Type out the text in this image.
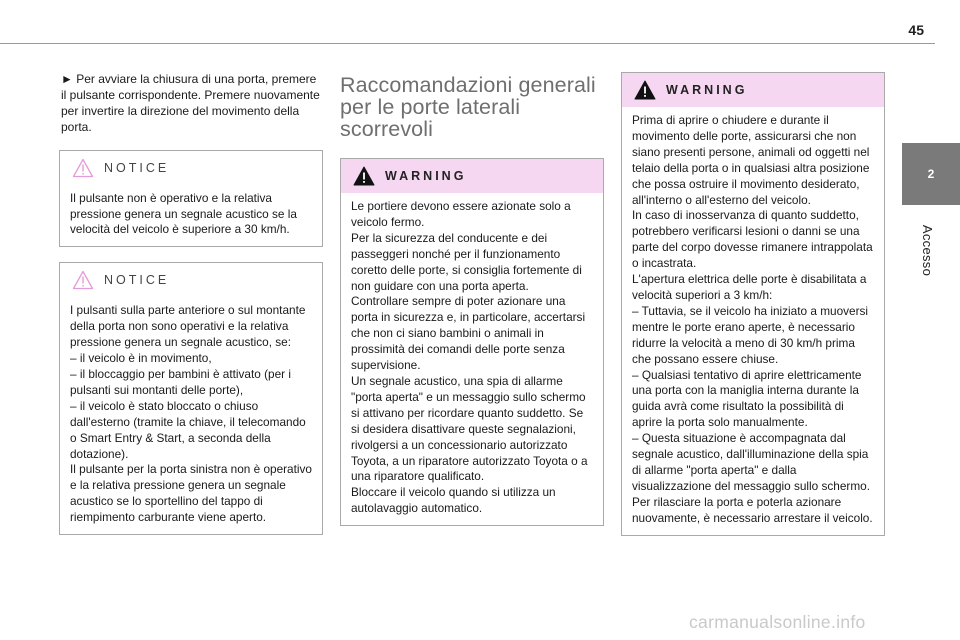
45
2
Accesso

► Per avviare la chiusura di una porta, premere il pulsante corrispondente. Premere nuovamente per invertire la direzione del movimento della porta.

NOTICE

Il pulsante non è operativo e la relativa pressione genera un segnale acustico se la velocità del veicolo è superiore a 30 km/h.

NOTICE

I pulsanti sulla parte anteriore o sul montante della porta non sono operativi e la relativa pressione genera un segnale acustico, se:

– il veicolo è in movimento,

– il bloccaggio per bambini è attivato (per i pulsanti sui montanti delle porte),

– il veicolo è stato bloccato o chiuso dall'esterno (tramite la chiave, il telecomando o Smart Entry & Start, a seconda della dotazione).

Il pulsante per la porta sinistra non è operativo e la relativa pressione genera un segnale acustico se lo sportellino del tappo di riempimento carburante viene aperto.

Raccomandazioni generali per le porte laterali scorrevoli
WARNING

Le portiere devono essere azionate solo a veicolo fermo.

Per la sicurezza del conducente e dei passeggeri nonché per il funzionamento coretto delle porte, si consiglia fortemente di non guidare con una porta aperta.

Controllare sempre di poter azionare una porta in sicurezza e, in particolare, accertarsi che non ci siano bambini o animali in prossimità dei comandi delle porte senza supervisione.

Un segnale acustico, una spia di allarme "porta aperta" e un messaggio sullo schermo si attivano per ricordare quanto suddetto. Se si desidera disattivare queste segnalazioni, rivolgersi a un concessionario autorizzato Toyota, a un riparatore autorizzato Toyota o a una riparatore qualificato.

Bloccare il veicolo quando si utilizza un autolavaggio automatico.

WARNING

Prima di aprire o chiudere e durante il movimento delle porte, assicurarsi che non siano presenti persone, animali od oggetti nel telaio della porta o in qualsiasi altra posizione che possa ostruire il movimento desiderato, all'interno o all'esterno del veicolo.

In caso di inosservanza di quanto suddetto, potrebbero verificarsi lesioni o danni se una parte del corpo dovesse rimanere intrappolata o incastrata.

L'apertura elettrica delle porte è disabilitata a velocità superiori a 3 km/h:

– Tuttavia, se il veicolo ha iniziato a muoversi mentre le porte erano aperte, è necessario ridurre la velocità a meno di 30 km/h prima che possano essere chiuse.

– Qualsiasi tentativo di aprire elettricamente una porta con la maniglia interna durante la guida avrà come risultato la possibilità di aprire la porta solo manualmente.

– Questa situazione è accompagnata dal segnale acustico, dall'illuminazione della spia di allarme "porta aperta" e dalla visualizzazione del messaggio sullo schermo. Per rilasciare la porta e poterla azionare nuovamente, è necessario arrestare il veicolo.

carmanualsonline.info
